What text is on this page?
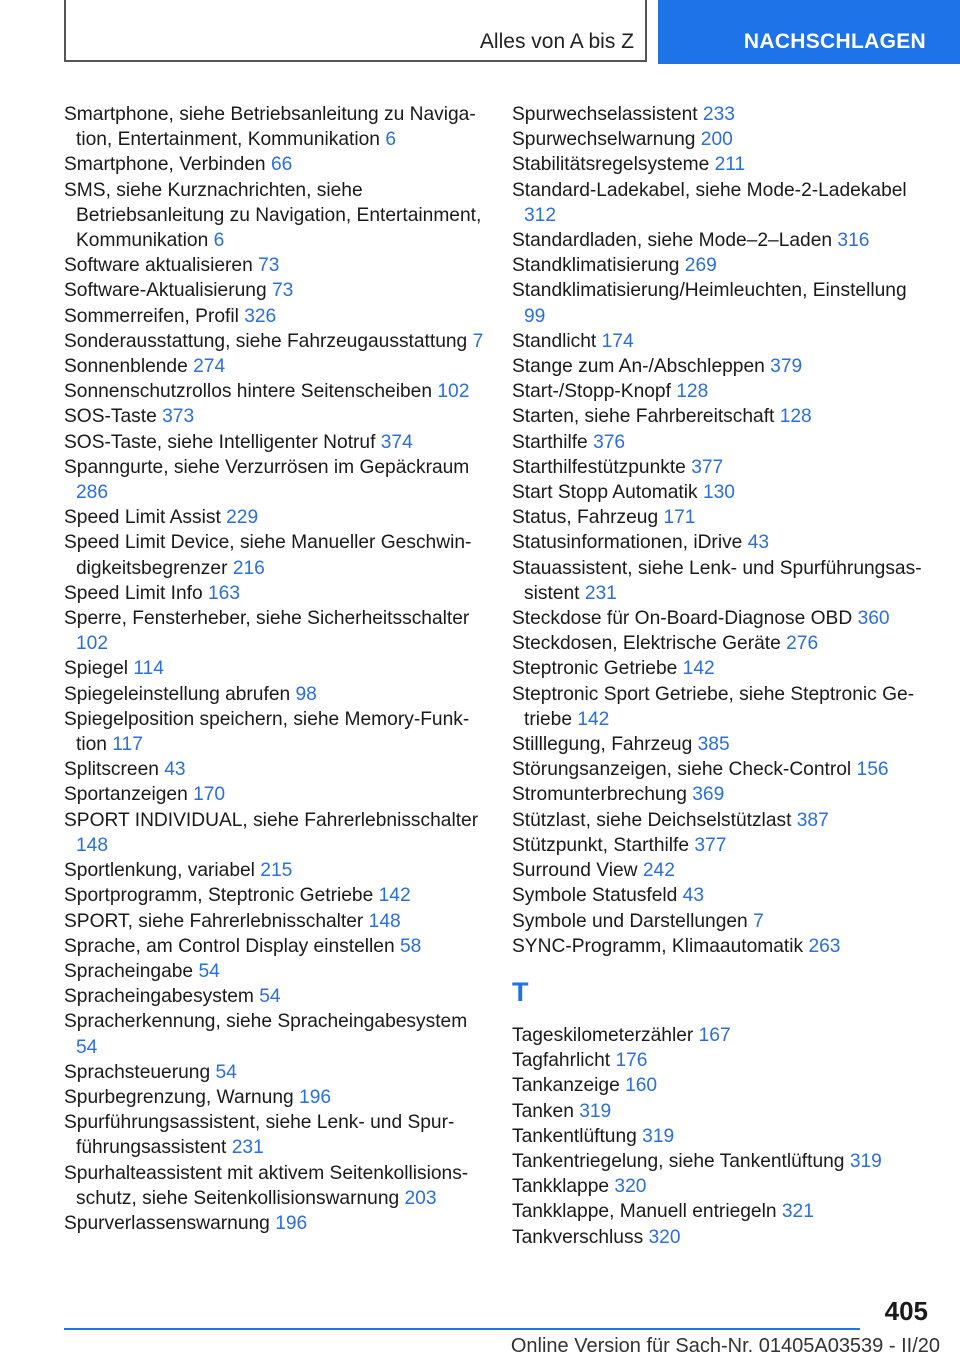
Alles von A bis Z	NACHSCHLAGEN
Smartphone, siehe Betriebsanleitung zu Navigation, Entertainment, Kommunikation 6
Smartphone, Verbinden 66
SMS, siehe Kurznachrichten, siehe Betriebsanleitung zu Navigation, Entertainment, Kommunikation 6
Software aktualisieren 73
Software-Aktualisierung 73
Sommerreifen, Profil 326
Sonderausstattung, siehe Fahrzeugausstattung 7
Sonnenblende 274
Sonnenschutzrollos hintere Seitenscheiben 102
SOS-Taste 373
SOS-Taste, siehe Intelligenter Notruf 374
Spanngurte, siehe Verzurrösen im Gepäckraum 286
Speed Limit Assist 229
Speed Limit Device, siehe Manueller Geschwindigkeitsbegrenzer 216
Speed Limit Info 163
Sperre, Fensterheber, siehe Sicherheitsschalter 102
Spiegel 114
Spiegeleinstellung abrufen 98
Spiegelposition speichern, siehe Memory-Funktion 117
Splitscreen 43
Sportanzeigen 170
SPORT INDIVIDUAL, siehe Fahrerlebnisschalter 148
Sportlenkung, variabel 215
Sportprogramm, Steptronic Getriebe 142
SPORT, siehe Fahrerlebnisschalter 148
Sprache, am Control Display einstellen 58
Spracheingabe 54
Spracheingabesystem 54
Spracherkennung, siehe Spracheingabesystem 54
Sprachsteuerung 54
Spurbegrenzung, Warnung 196
Spurführungsassistent, siehe Lenk- und Spurführungsassistent 231
Spurhalteassistent mit aktivem Seitenkollisionsschutz, siehe Seitenkollisionswarnung 203
Spurverlassenswarnung 196
Spurwechselassistent 233
Spurwechselwarnung 200
Stabilitätsregelsysteme 211
Standard-Ladekabel, siehe Mode-2-Ladekabel 312
Standardladen, siehe Mode–2–Laden 316
Standklimatisierung 269
Standklimatisierung/Heimleuchten, Einstellung 99
Standlicht 174
Stange zum An-/Abschleppen 379
Start-/Stopp-Knopf 128
Starten, siehe Fahrbereitschaft 128
Starthilfe 376
Starthilfestützpunkte 377
Start Stopp Automatik 130
Status, Fahrzeug 171
Statusinformationen, iDrive 43
Stauassistent, siehe Lenk- und Spurführungsassistent 231
Steckdose für On-Board-Diagnose OBD 360
Steckdosen, Elektrische Geräte 276
Steptronic Getriebe 142
Steptronic Sport Getriebe, siehe Steptronic Getriebe 142
Stilllegung, Fahrzeug 385
Störungsanzeigen, siehe Check-Control 156
Stromunterbrechung 369
Stützlast, siehe Deichselstützlast 387
Stützpunkt, Starthilfe 377
Surround View 242
Symbole Statusfeld 43
Symbole und Darstellungen 7
SYNC-Programm, Klimaautomatik 263
T
Tageskilometerzähler 167
Tagfahrlicht 176
Tankanzeige 160
Tanken 319
Tankentlüftung 319
Tankentriegelung, siehe Tankentlüftung 319
Tankklappe 320
Tankklappe, Manuell entriegeln 321
Tankverschluss 320
405
Online Version für Sach-Nr. 01405A03539 - II/20
